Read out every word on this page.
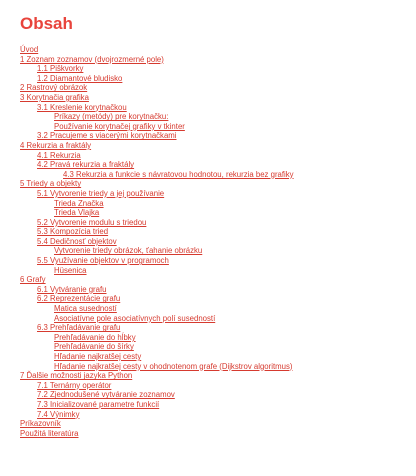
Obsah
Úvod
1 Zoznam zoznamov (dvojrozmerné pole)
1.1 Piškvorky
1.2 Diamantové bludisko
2 Rastrový obrázok
3 Korytnačia grafika
3.1 Kreslenie korytnačkou
Príkazy (metódy) pre korytnačku:
Používanie korytnačej grafiky v tkinter
3.2 Pracujeme s viacerými korytnačkami
4 Rekurzia a fraktály
4.1 Rekurzia
4.2 Pravá rekurzia a fraktály
4.3 Rekurzia a funkcie s návratovou hodnotou, rekurzia bez grafiky
5 Triedy a objekty
5.1 Vytvorenie triedy a jej používanie
Trieda Značka
Trieda Vlajka
5.2 Vytvorenie modulu s triedou
5.3 Kompozícia tried
5.4 Dedičnosť objektov
Vytvorenie triedy obrázok, ťahanie obrázku
5.5 Využívanie objektov v programoch
Hüsenica
6 Grafy
6.1 Vytváranie grafu
6.2 Reprezentácie grafu
Matica susedností
Asociatívne pole asociatívnych polí susedností
6.3 Prehľadávanie grafu
Prehľadávanie do hĺbky
Prehľadávanie do šírky
Hľadanie najkratšej cesty
Hľadanie najkratšej cesty v ohodnotenom grafe (Dijkstrov algoritmus)
7 Ďalšie možnosti jazyka Python
7.1 Ternárny operátor
7.2 Zjednodušené vytváranie zoznamov
7.3 Inicializované parametre funkcií
7.4 Výnimky
Príkazovník
Použitá literatúra
